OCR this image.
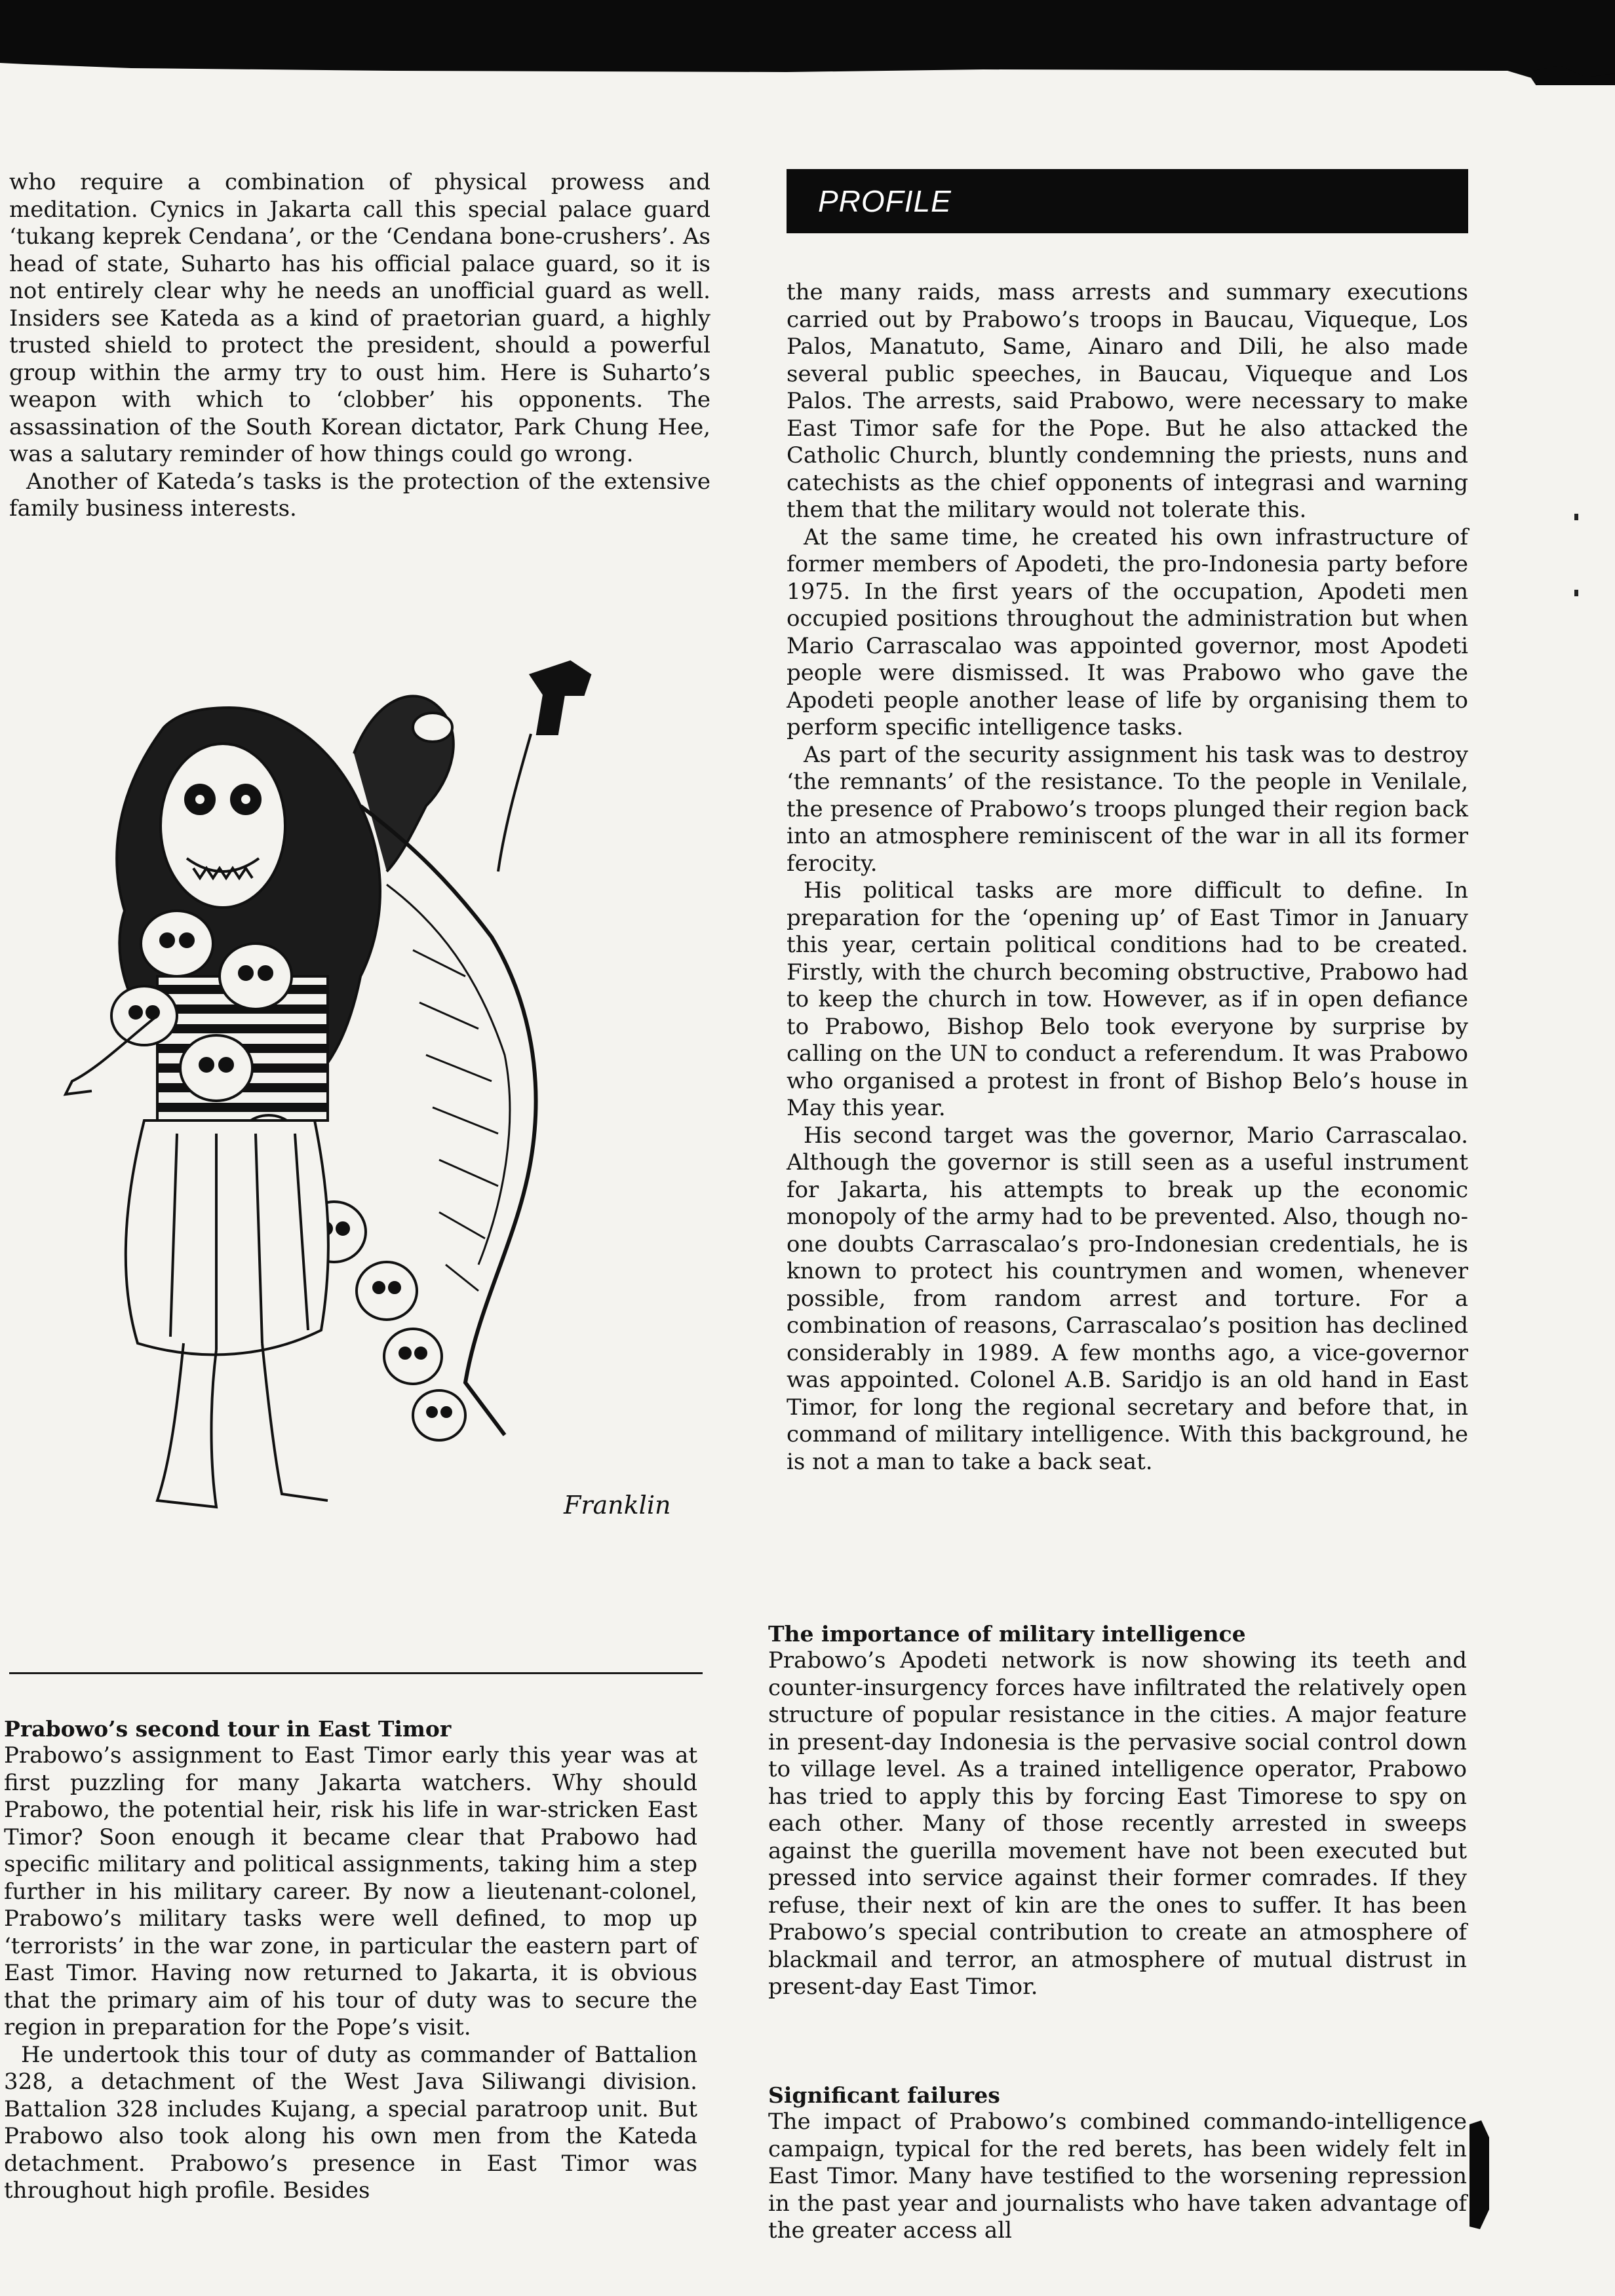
who require a combination of physical prowess and meditation. Cynics in Jakarta call this special palace guard ‘tukang keprek Cendana’, or the ‘Cendana bone-crushers’. As head of state, Suharto has his official palace guard, so it is not entirely clear why he needs an unofficial guard as well. Insiders see Kateda as a kind of praetorian guard, a highly trusted shield to protect the president, should a powerful group within the army try to oust him. Here is Suharto’s weapon with which to ‘clobber’ his opponents. The assassination of the South Korean dictator, Park Chung Hee, was a salutary reminder of how things could go wrong.

Another of Kateda’s tasks is the protection of the extensive family business interests.

Franklin
Prabowo’s second tour in East Timor

Prabowo’s assignment to East Timor early this year was at first puzzling for many Jakarta watchers. Why should Prabowo, the potential heir, risk his life in war-stricken East Timor? Soon enough it became clear that Prabowo had specific military and political assignments, taking him a step further in his military career. By now a lieutenant-colonel, Prabowo’s military tasks were well defined, to mop up ‘terrorists’ in the war zone, in particular the eastern part of East Timor. Having now returned to Jakarta, it is obvious that the primary aim of his tour of duty was to secure the region in preparation for the Pope’s visit.

He undertook this tour of duty as commander of Battalion 328, a detachment of the West Java Siliwangi division. Battalion 328 includes Kujang, a special paratroop unit. But Prabowo also took along his own men from the Kateda detachment. Prabowo’s presence in East Timor was throughout high profile. Besides

PROFILE

the many raids, mass arrests and summary executions carried out by Prabowo’s troops in Baucau, Viqueque, Los Palos, Manatuto, Same, Ainaro and Dili, he also made several public speeches, in Baucau, Viqueque and Los Palos. The arrests, said Prabowo, were necessary to make East Timor safe for the Pope. But he also attacked the Catholic Church, bluntly condemning the priests, nuns and catechists as the chief opponents of integrasi and warning them that the military would not tolerate this.

At the same time, he created his own infrastructure of former members of Apodeti, the pro-Indonesia party before 1975. In the first years of the occupation, Apodeti men occupied positions throughout the administration but when Mario Carrascalao was appointed governor, most Apodeti people were dismissed. It was Prabowo who gave the Apodeti people another lease of life by organising them to perform specific intelligence tasks.

As part of the security assignment his task was to destroy ‘the remnants’ of the resistance. To the people in Venilale, the presence of Prabowo’s troops plunged their region back into an atmosphere reminiscent of the war in all its former ferocity.

His political tasks are more difficult to define. In preparation for the ‘opening up’ of East Timor in January this year, certain political conditions had to be created. Firstly, with the church becoming obstructive, Prabowo had to keep the church in tow. However, as if in open defiance to Prabowo, Bishop Belo took everyone by surprise by calling on the UN to conduct a referendum. It was Prabowo who organised a protest in front of Bishop Belo’s house in May this year.

His second target was the governor, Mario Carrascalao. Although the governor is still seen as a useful instrument for Jakarta, his attempts to break up the economic monopoly of the army had to be prevented. Also, though no-one doubts Carrascalao’s pro-Indonesian credentials, he is known to protect his countrymen and women, whenever possible, from random arrest and torture. For a combination of reasons, Carrascalao’s position has declined considerably in 1989. A few months ago, a vice-governor was appointed. Colonel A.B. Saridjo is an old hand in East Timor, for long the regional secretary and before that, in command of military intelligence. With this background, he is not a man to take a back seat.

The importance of military intelligence

Prabowo’s Apodeti network is now showing its teeth and counter-insurgency forces have infiltrated the relatively open structure of popular resistance in the cities. A major feature in present-day Indonesia is the pervasive social control down to village level. As a trained intelligence operator, Prabowo has tried to apply this by forcing East Timorese to spy on each other. Many of those recently arrested in sweeps against the guerilla movement have not been executed but pressed into service against their former comrades. If they refuse, their next of kin are the ones to suffer. It has been Prabowo’s special contribution to create an atmosphere of blackmail and terror, an atmosphere of mutual distrust in present-day East Timor.

Significant failures

The impact of Prabowo’s combined commando-intelligence campaign, typical for the red berets, has been widely felt in East Timor. Many have testified to the worsening repression in the past year and journalists who have taken advantage of the greater access all
